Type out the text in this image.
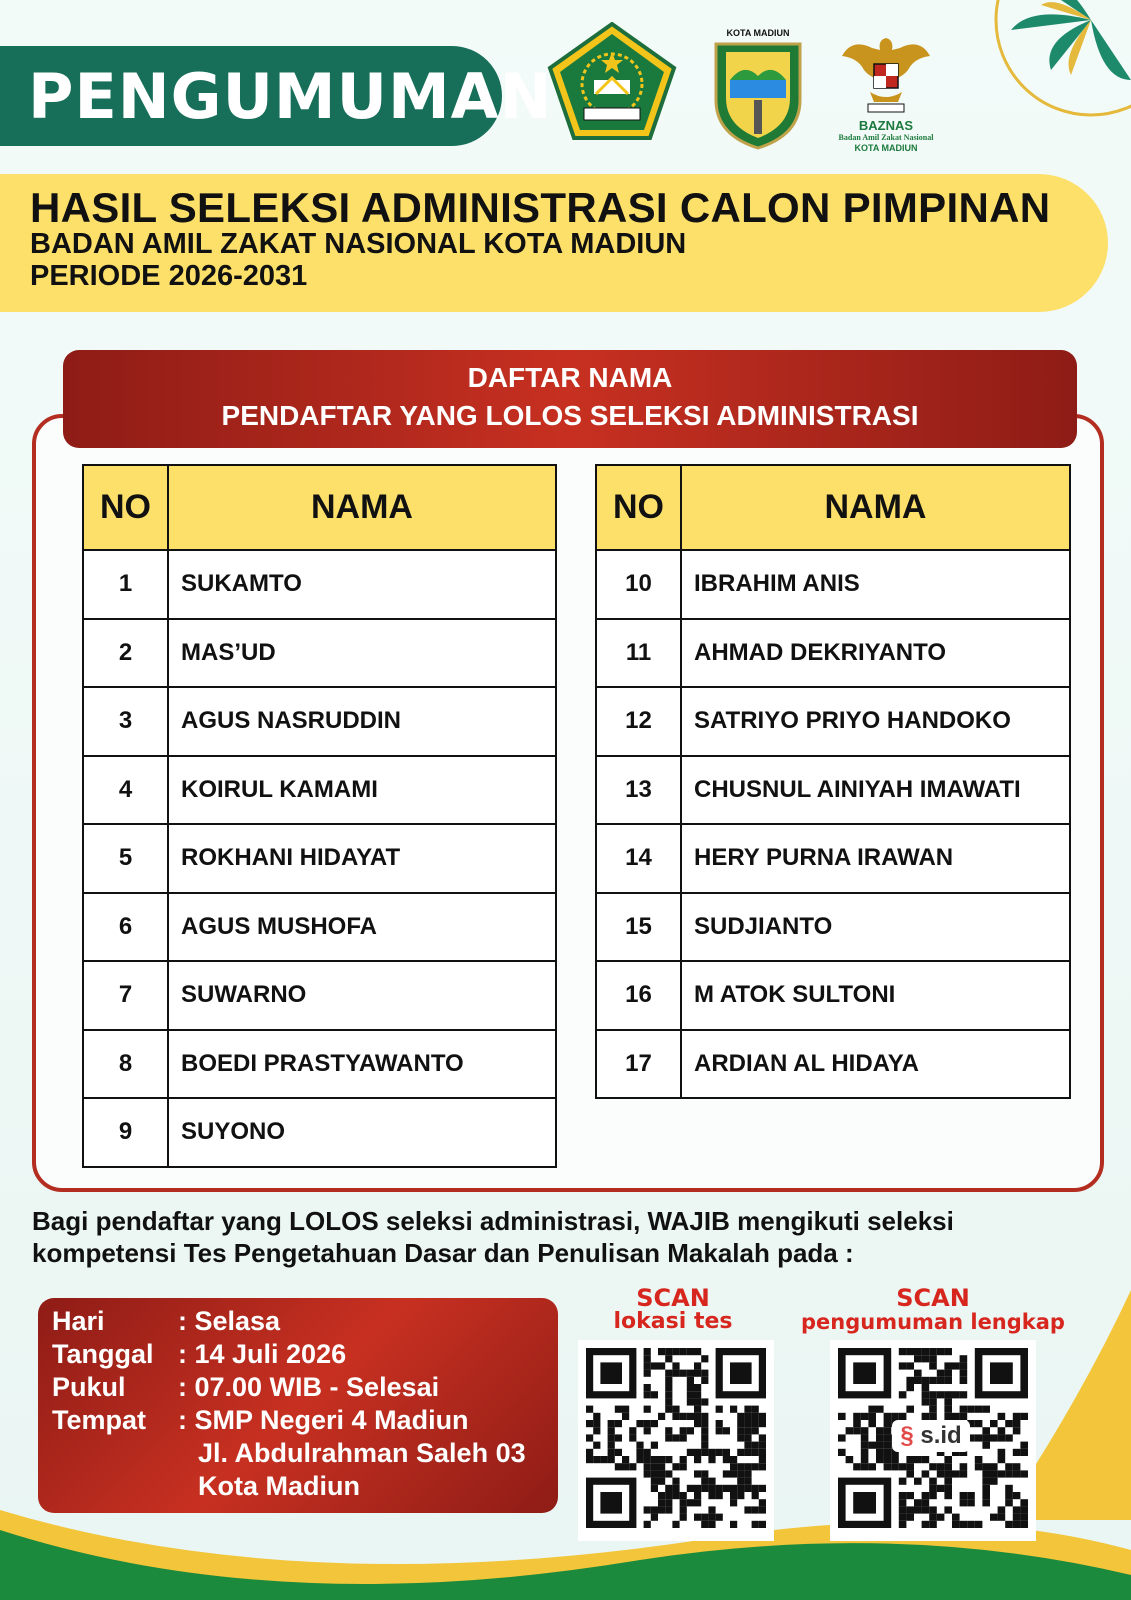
PENGUMUMAN
KOTA MADIUN
BAZNAS
Badan Amil Zakat Nasional
KOTA MADIUN
HASIL SELEKSI ADMINISTRASI CALON PIMPINAN
BADAN AMIL ZAKAT NASIONAL KOTA MADIUN
PERIODE 2026-2031
DAFTAR NAMA
PENDAFTAR YANG LOLOS SELEKSI ADMINISTRASI
NO	NAMA
1	SUKAMTO
2	MAS’UD
3	AGUS NASRUDDIN
4	KOIRUL KAMAMI
5	ROKHANI HIDAYAT
6	AGUS MUSHOFA
7	SUWARNO
8	BOEDI PRASTYAWANTO
9	SUYONO
NO	NAMA
10	IBRAHIM ANIS
11	AHMAD DEKRIYANTO
12	SATRIYO PRIYO HANDOKO
13	CHUSNUL AINIYAH IMAWATI
14	HERY PURNA IRAWAN
15	SUDJIANTO
16	M ATOK SULTONI
17	ARDIAN AL HIDAYA
Bagi pendaftar yang LOLOS seleksi administrasi, WAJIB mengikuti seleksi
kompetensi Tes Pengetahuan Dasar dan Penulisan Makalah pada :
Hari	: Selasa
Tanggal : 14 Juli 2026
Pukul : 07.00 WIB - Selesai
Tempat : SMP Negeri 4 Madiun
Jl. Abdulrahman Saleh 03
Kota Madiun
SCAN
lokasi tes
SCAN
pengumuman lengkap
§ s.id
